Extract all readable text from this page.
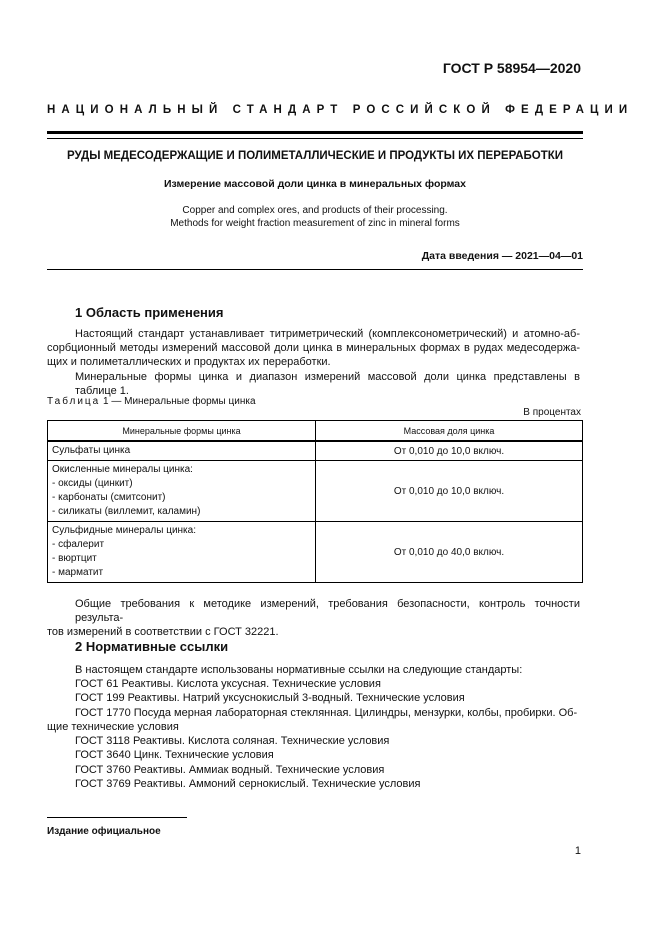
ГОСТ Р 58954—2020
НАЦИОНАЛЬНЫЙ СТАНДАРТ РОССИЙСКОЙ ФЕДЕРАЦИИ
РУДЫ МЕДЕСОДЕРЖАЩИЕ И ПОЛИМЕТАЛЛИЧЕСКИЕ И ПРОДУКТЫ ИХ ПЕРЕРАБОТКИ
Измерение массовой доли цинка в минеральных формах
Copper and complex ores, and products of their processing.
Methods for weight fraction measurement of zinc in mineral forms
Дата введения — 2021—04—01
1 Область применения
Настоящий стандарт устанавливает титриметрический (комплексонометрический) и атомно-аб-
сорбционный методы измерений массовой доли цинка в минеральных формах в рудах медесодержа-
щих и полиметаллических и продуктах их переработки.
Минеральные формы цинка и диапазон измерений массовой доли цинка представлены в таблице 1.
Таблица 1 — Минеральные формы цинка
В процентах
Минеральные формы цинка	Массовая доля цинка

Сульфаты цинка	От 0,010 до 10,0 включ.

Окисленные минералы цинка:
- оксиды (цинкит)
- карбонаты (смитсонит)
- силикаты (виллемит, каламин)	От 0,010 до 10,0 включ.

Сульфидные минералы цинка:
- сфалерит
- вюртцит
- марматит	От 0,010 до 40,0 включ.
Общие требования к методике измерений, требования безопасности, контроль точности результа-
тов измерений в соответствии с ГОСТ 32221.
2 Нормативные ссылки
В настоящем стандарте использованы нормативные ссылки на следующие стандарты:
ГОСТ 61 Реактивы. Кислота уксусная. Технические условия
ГОСТ 199 Реактивы. Натрий уксуснокислый 3-водный. Технические условия
ГОСТ 1770 Посуда мерная лабораторная стеклянная. Цилиндры, мензурки, колбы, пробирки. Об-
щие технические условия
ГОСТ 3118 Реактивы. Кислота соляная. Технические условия
ГОСТ 3640 Цинк. Технические условия
ГОСТ 3760 Реактивы. Аммиак водный. Технические условия
ГОСТ 3769 Реактивы. Аммоний сернокислый. Технические условия
Издание официальное
1
